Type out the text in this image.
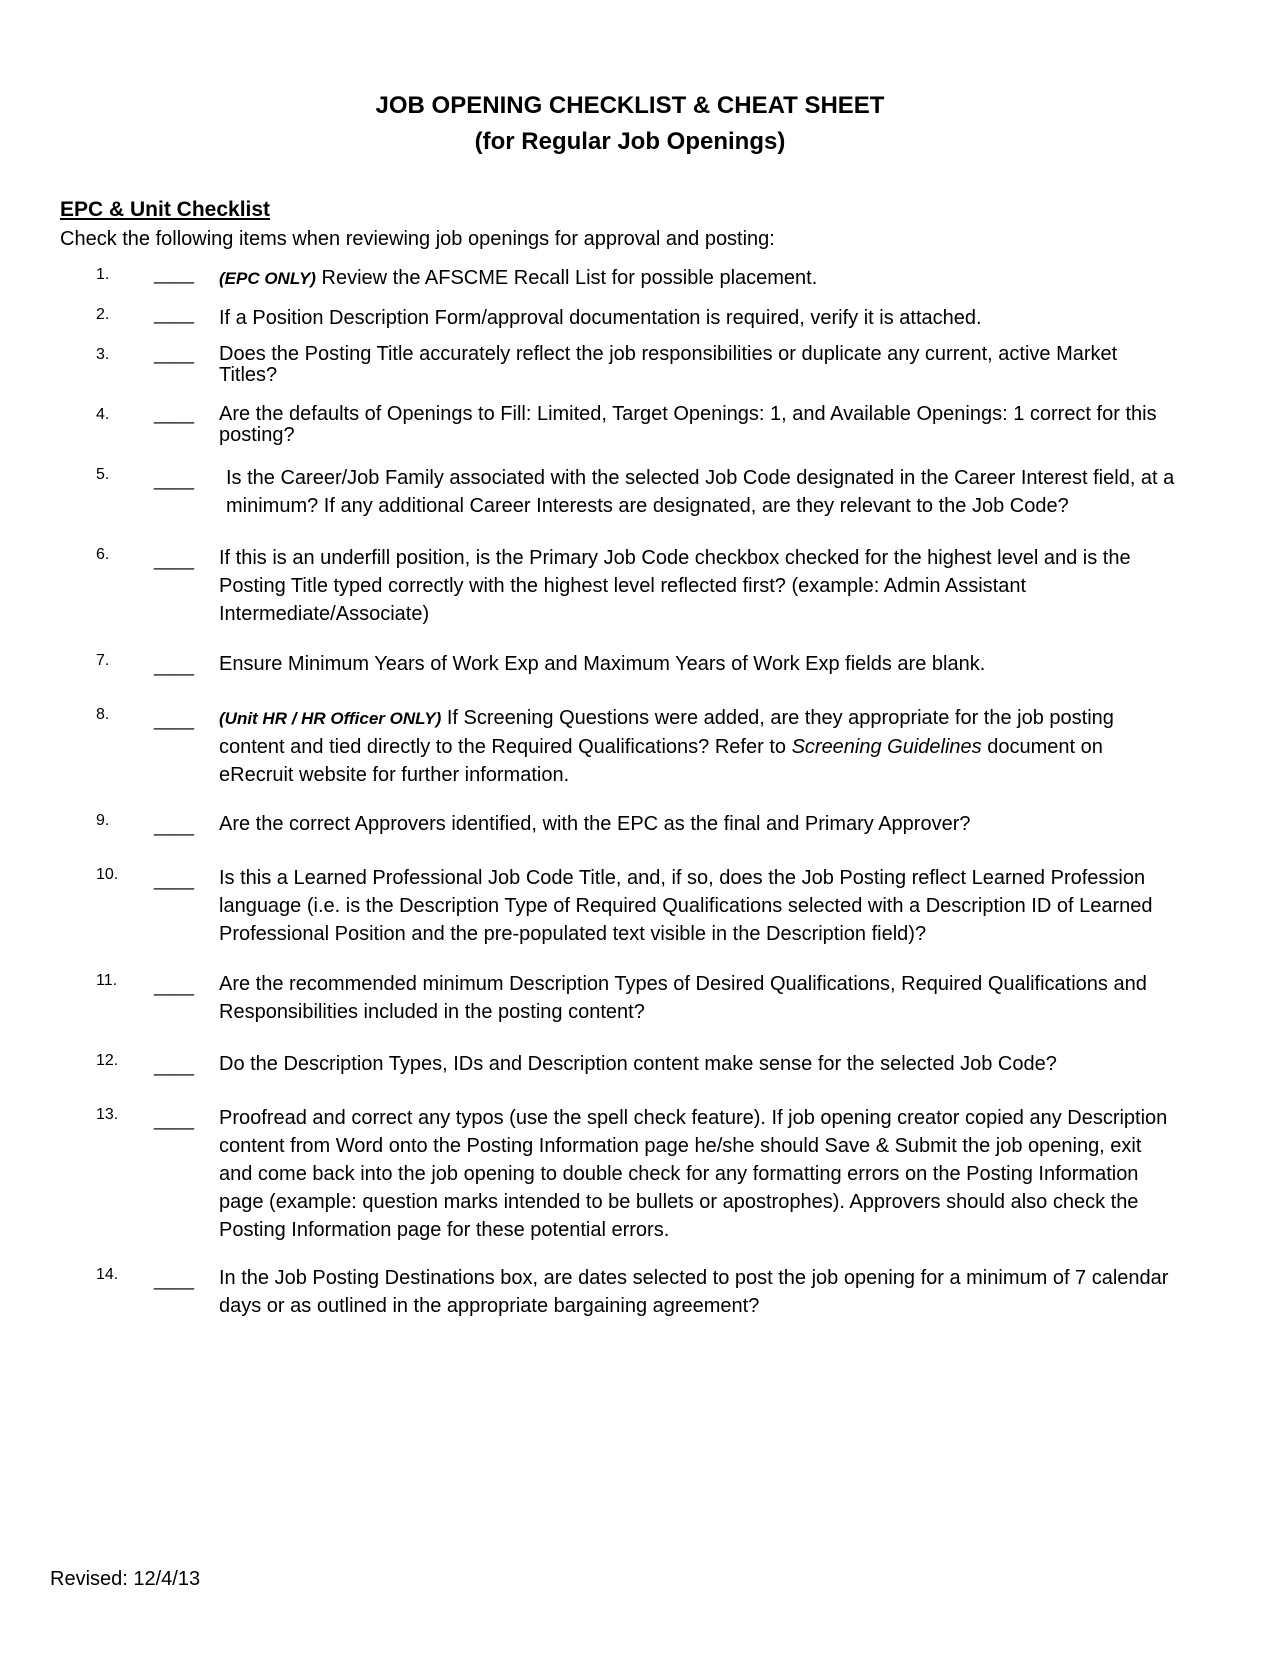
JOB OPENING CHECKLIST & CHEAT SHEET
(for Regular Job Openings)
EPC & Unit Checklist
Check the following items when reviewing job openings for approval and posting:
1. ____ (EPC ONLY) Review the AFSCME Recall List for possible placement.
2. ____ If a Position Description Form/approval documentation is required, verify it is attached.
3. ____ Does the Posting Title accurately reflect the job responsibilities or duplicate any current, active Market Titles?
4. ____ Are the defaults of Openings to Fill: Limited, Target Openings: 1, and Available Openings: 1 correct for this posting?
5. ____ Is the Career/Job Family associated with the selected Job Code designated in the Career Interest field, at a minimum? If any additional Career Interests are designated, are they relevant to the Job Code?
6. ____ If this is an underfill position, is the Primary Job Code checkbox checked for the highest level and is the Posting Title typed correctly with the highest level reflected first? (example: Admin Assistant Intermediate/Associate)
7. ____ Ensure Minimum Years of Work Exp and Maximum Years of Work Exp fields are blank.
8. ____ (Unit HR / HR Officer ONLY) If Screening Questions were added, are they appropriate for the job posting content and tied directly to the Required Qualifications? Refer to Screening Guidelines document on eRecruit website for further information.
9. ____ Are the correct Approvers identified, with the EPC as the final and Primary Approver?
10. ____ Is this a Learned Professional Job Code Title, and, if so, does the Job Posting reflect Learned Profession language (i.e. is the Description Type of Required Qualifications selected with a Description ID of Learned Professional Position and the pre-populated text visible in the Description field)?
11. ____ Are the recommended minimum Description Types of Desired Qualifications, Required Qualifications and Responsibilities included in the posting content?
12. ____ Do the Description Types, IDs and Description content make sense for the selected Job Code?
13. ____ Proofread and correct any typos (use the spell check feature). If job opening creator copied any Description content from Word onto the Posting Information page he/she should Save & Submit the job opening, exit and come back into the job opening to double check for any formatting errors on the Posting Information page (example: question marks intended to be bullets or apostrophes). Approvers should also check the Posting Information page for these potential errors.
14. ____ In the Job Posting Destinations box, are dates selected to post the job opening for a minimum of 7 calendar days or as outlined in the appropriate bargaining agreement?
Revised: 12/4/13
